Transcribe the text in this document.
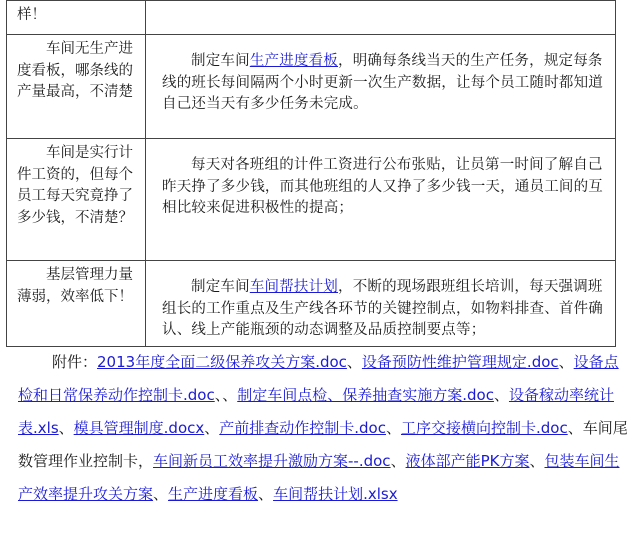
样！	

车间无生产进度看板，哪条线的产量最高，不清楚	制定车间生产进度看板，明确每条线当天的生产任务，规定每条线的班长每间隔两个小时更新一次生产数据，让每个员工随时都知道自己还当天有多少任务未完成。

车间是实行计件工资的，但每个员工每天究竟挣了多少钱，不清楚？	每天对各班组的计件工资进行公布张贴，让员第一时间了解自己昨天挣了多少钱，而其他班组的人又挣了多少钱一天，通员工间的互相比较来促进积极性的提高；

基层管理力量薄弱，效率低下！	制定车间车间帮扶计划，不断的现场跟班组长培训，每天强调班组长的工作重点及生产线各环节的关键控制点，如物料排查、首件确认、线上产能瓶颈的动态调整及品质控制要点等；
附件：2013年度全面二级保养攻关方案.doc、设备预防性维护管理规定.doc、设备点检和日常保养动作控制卡.doc、、制定车间点检、保养抽查实施方案.doc、设备稼动率统计表.xls、模具管理制度.docx、产前排查动作控制卡.doc、工序交接横向控制卡.doc、车间尾数管理作业控制卡，车间新员工效率提升激励方案--.doc、液体部产能PK方案、包装车间生产效率提升攻关方案、生产进度看板、车间帮扶计划.xlsx
